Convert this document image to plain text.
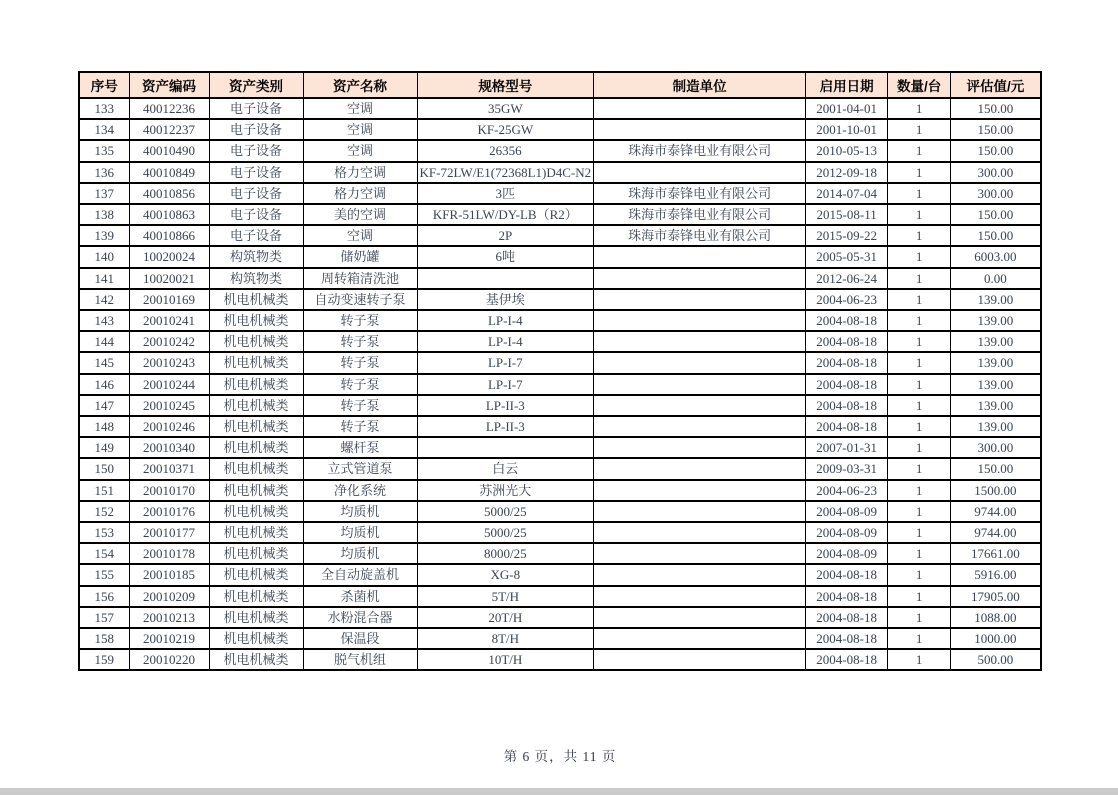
序号	资产编码	资产类别	资产名称	规格型号	制造单位	启用日期	数量/台	评估值/元
133	40012236	电子设备	空调	35GW		2001-04-01	1	150.00
134	40012237	电子设备	空调	KF-25GW		2001-10-01	1	150.00
135	40010490	电子设备	空调	26356	珠海市泰锋电业有限公司	2010-05-13	1	150.00
136	40010849	电子设备	格力空调	KF-72LW/E1(72368L1)D4C-N2		2012-09-18	1	300.00
137	40010856	电子设备	格力空调	3匹	珠海市泰锋电业有限公司	2014-07-04	1	300.00
138	40010863	电子设备	美的空调	KFR-51LW/DY-LB（R2）	珠海市泰锋电业有限公司	2015-08-11	1	150.00
139	40010866	电子设备	空调	2P	珠海市泰锋电业有限公司	2015-09-22	1	150.00
140	10020024	构筑物类	储奶罐	6吨		2005-05-31	1	6003.00
141	10020021	构筑物类	周转箱清洗池			2012-06-24	1	0.00
142	20010169	机电机械类	自动变速转子泵	基伊埃		2004-06-23	1	139.00
143	20010241	机电机械类	转子泵	LP-I-4		2004-08-18	1	139.00
144	20010242	机电机械类	转子泵	LP-I-4		2004-08-18	1	139.00
145	20010243	机电机械类	转子泵	LP-I-7		2004-08-18	1	139.00
146	20010244	机电机械类	转子泵	LP-I-7		2004-08-18	1	139.00
147	20010245	机电机械类	转子泵	LP-II-3		2004-08-18	1	139.00
148	20010246	机电机械类	转子泵	LP-II-3		2004-08-18	1	139.00
149	20010340	机电机械类	螺杆泵			2007-01-31	1	300.00
150	20010371	机电机械类	立式管道泵	白云		2009-03-31	1	150.00
151	20010170	机电机械类	净化系统	苏洲光大		2004-06-23	1	1500.00
152	20010176	机电机械类	均质机	5000/25		2004-08-09	1	9744.00
153	20010177	机电机械类	均质机	5000/25		2004-08-09	1	9744.00
154	20010178	机电机械类	均质机	8000/25		2004-08-09	1	17661.00
155	20010185	机电机械类	全自动旋盖机	XG-8		2004-08-18	1	5916.00
156	20010209	机电机械类	杀菌机	5T/H		2004-08-18	1	17905.00
157	20010213	机电机械类	水粉混合器	20T/H		2004-08-18	1	1088.00
158	20010219	机电机械类	保温段	8T/H		2004-08-18	1	1000.00
159	20010220	机电机械类	脱气机组	10T/H		2004-08-18	1	500.00
第 6 页，共 11 页
